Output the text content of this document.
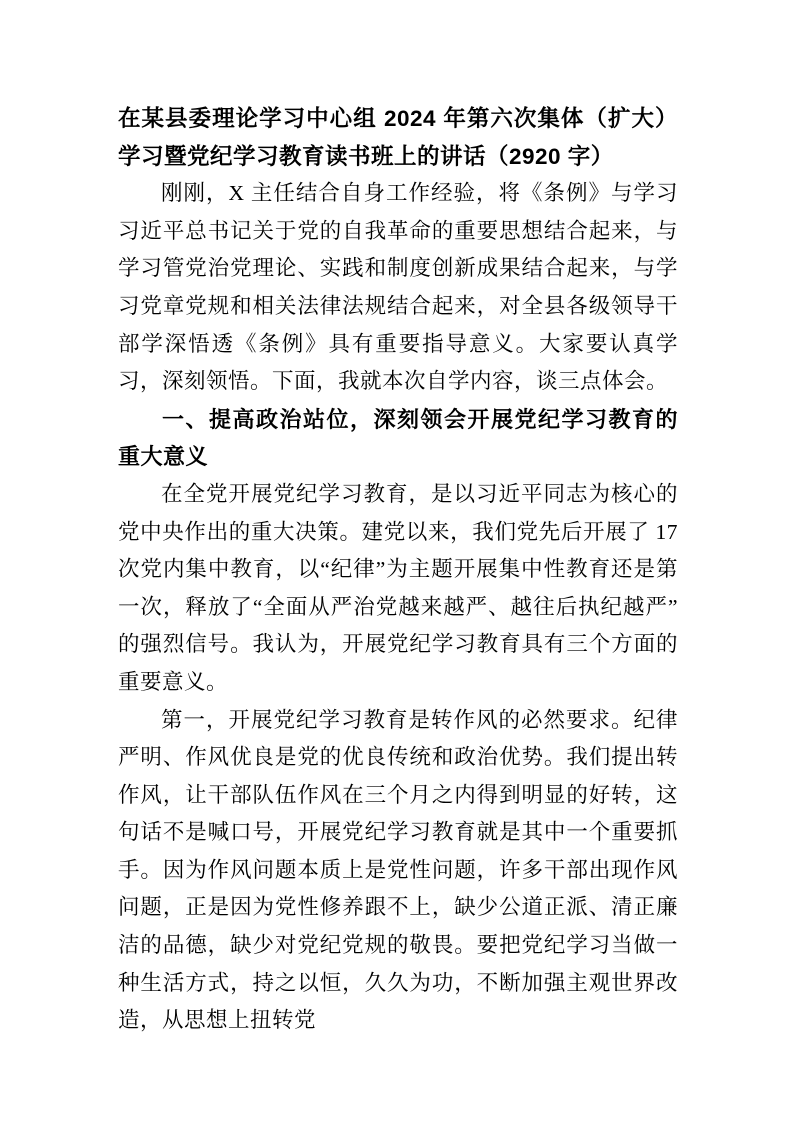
在某县委理论学习中心组 2024 年第六次集体（扩大）学习暨党纪学习教育读书班上的讲话（2920 字）

刚刚，X 主任结合自身工作经验，将《条例》与学习习近平总书记关于党的自我革命的重要思想结合起来，与学习管党治党理论、实践和制度创新成果结合起来，与学习党章党规和相关法律法规结合起来，对全县各级领导干部学深悟透《条例》具有重要指导意义。大家要认真学习，深刻领悟。下面，我就本次自学内容，谈三点体会。

一、提高政治站位，深刻领会开展党纪学习教育的重大意义

在全党开展党纪学习教育，是以习近平同志为核心的党中央作出的重大决策。建党以来，我们党先后开展了 17 次党内集中教育，以“纪律”为主题开展集中性教育还是第一次，释放了“全面从严治党越来越严、越往后执纪越严”的强烈信号。我认为，开展党纪学习教育具有三个方面的重要意义。

第一，开展党纪学习教育是转作风的必然要求。纪律严明、作风优良是党的优良传统和政治优势。我们提出转作风，让干部队伍作风在三个月之内得到明显的好转，这句话不是喊口号，开展党纪学习教育就是其中一个重要抓手。因为作风问题本质上是党性问题，许多干部出现作风问题，正是因为党性修养跟不上，缺少公道正派、清正廉洁的品德，缺少对党纪党规的敬畏。要把党纪学习当做一种生活方式，持之以恒，久久为功，不断加强主观世界改造，从思想上扭转党
